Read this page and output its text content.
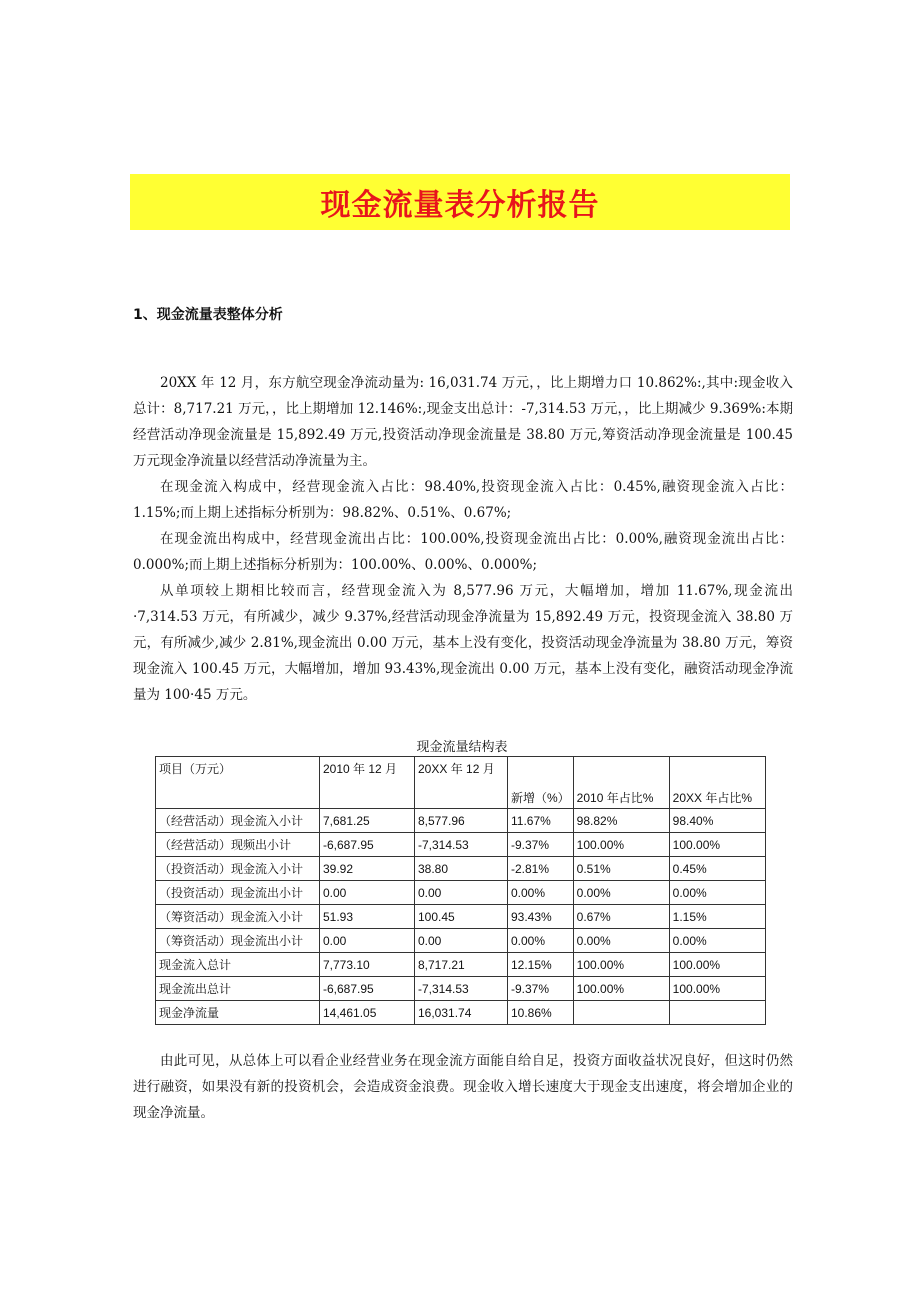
现金流量表分析报告
1、现金流量表整体分析

20XX 年 12 月，东方航空现金净流动量为: 16,031.74 万元，，比上期增力口 10.862%:,其中:现金收入总计：8,717.21 万元，，比上期增加 12.146%:,现金支出总计：-7,314.53 万元，，比上期减少 9.369%:本期经营活动净现金流量是 15,892.49 万元,投资活动净现金流量是 38.80 万元,筹资活动净现金流量是 100.45 万元现金净流量以经营活动净流量为主。

在现金流入构成中，经营现金流入占比：98.40%,投资现金流入占比：0.45%,融资现金流入占比：1.15%;而上期上述指标分析别为：98.82%、0.51%、0.67%;

在现金流出构成中，经营现金流出占比：100.00%,投资现金流出占比：0.00%,融资现金流出占比：0.000%;而上期上述指标分析别为：100.00%、0.00%、0.000%;

从单项较上期相比较而言，经营现金流入为 8,577.96 万元，大幅增加，增加 11.67%,现金流出·7,314.53 万元，有所减少，减少 9.37%,经营活动现金净流量为 15,892.49 万元，投资现金流入 38.80 万元，有所减少,减少 2.81%,现金流出 0.00 万元，基本上没有变化，投资活动现金净流量为 38.80 万元，筹资现金流入 100.45 万元，大幅增加，增加 93.43%,现金流出 0.00 万元，基本上没有变化，融资活动现金净流量为 100·45 万元。

现金流量结构表
项目（万元）	2010 年 12 月	20XX 年 12 月	新增（%）	2010 年占比%	20XX 年占比%
（经营活动）现金流入小计	7,681.25	8,577.96	11.67%	98.82%	98.40%
（经营活动）现频出小计	-6,687.95	-7,314.53	-9.37%	100.00%	100.00%
（投资活动）现金流入小计	39.92	38.80	-2.81%	0.51%	0.45%
（投资活动）现金流出小计	0.00	0.00	0.00%	0.00%	0.00%
（筹资活动）现金流入小计	51.93	100.45	93.43%	0.67%	1.15%
（筹资活动）现金流出小计	0.00	0.00	0.00%	0.00%	0.00%
现金流入总计	7,773.10	8,717.21	12.15%	100.00%	100.00%
现金流出总计	-6,687.95	-7,314.53	-9.37%	100.00%	100.00%
现金净流量	14,461.05	16,031.74	10.86%		

由此可见，从总体上可以看企业经营业务在现金流方面能自给自足，投资方面收益状况良好，但这时仍然进行融资，如果没有新的投资机会，会造成资金浪费。现金收入增长速度大于现金支出速度，将会增加企业的现金净流量。
